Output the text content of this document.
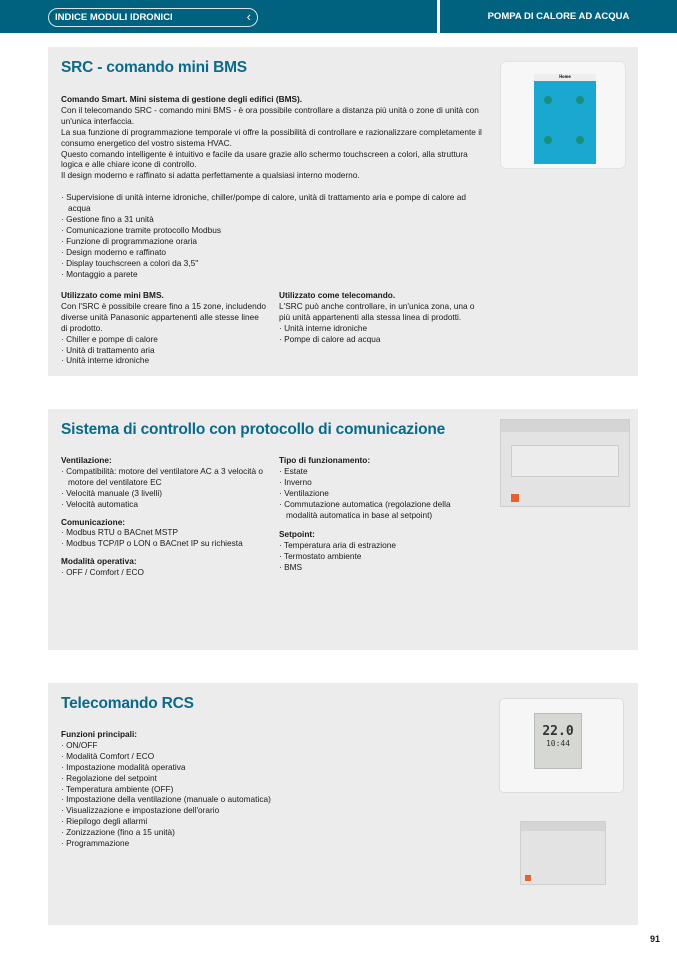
INDICE MODULI IDRONICI	‹	POMPA DI CALORE AD ACQUA
SRC - comando mini BMS
Comando Smart. Mini sistema di gestione degli edifici (BMS).
Con il telecomando SRC - comando mini BMS - è ora possibile controllare a distanza più unità o zone di unità con un'unica interfaccia.
La sua funzione di programmazione temporale vi offre la possibilità di controllare e razionalizzare completamente il consumo energetico del vostro sistema HVAC.
Questo comando intelligente è intuitivo e facile da usare grazie allo schermo touchscreen a colori, alla struttura logica e alle chiare icone di controllo.
Il design moderno e raffinato si adatta perfettamente a qualsiasi interno moderno.
· Supervisione di unità interne idroniche, chiller/pompe di calore, unità di trattamento aria e pompe di calore ad acqua
· Gestione fino a 31 unità
· Comunicazione tramite protocollo Modbus
· Funzione di programmazione oraria
· Design moderno e raffinato
· Display touchscreen a colori da 3,5''
· Montaggio a parete
Utilizzato come mini BMS.
Con l'SRC è possibile creare fino a 15 zone, includendo diverse unità Panasonic appartenenti alle stesse linee di prodotto.
· Chiller e pompe di calore
· Unità di trattamento aria
· Unità interne idroniche
Utilizzato come telecomando.
L'SRC può anche controllare, in un'unica zona, una o più unità appartenenti alla stessa linea di prodotti.
· Unità interne idroniche
· Pompe di calore ad acqua
Home
Sistema di controllo con protocollo di comunicazione
Ventilazione:
· Compatibilità: motore del ventilatore AC a 3 velocità o motore del ventilatore EC
· Velocità manuale (3 livelli)
· Velocità automatica
Comunicazione:
· Modbus RTU o BACnet MSTP
· Modbus TCP/IP o LON o BACnet IP su richiesta
Modalità operativa:
· OFF / Comfort / ECO
Tipo di funzionamento:
· Estate
· Inverno
· Ventilazione
· Commutazione automatica (regolazione della modalità automatica in base al setpoint)
Setpoint:
· Temperatura aria di estrazione
· Termostato ambiente
· BMS
Telecomando RCS
Funzioni principali:
· ON/OFF
· Modalità Comfort / ECO
· Impostazione modalità operativa
· Regolazione del setpoint
· Temperatura ambiente (OFF)
· Impostazione della ventilazione (manuale o automatica)
· Visualizzazione e impostazione dell'orario
· Riepilogo degli allarmi
· Zonizzazione (fino a 15 unità)
· Programmazione
22.0
10:44
91
